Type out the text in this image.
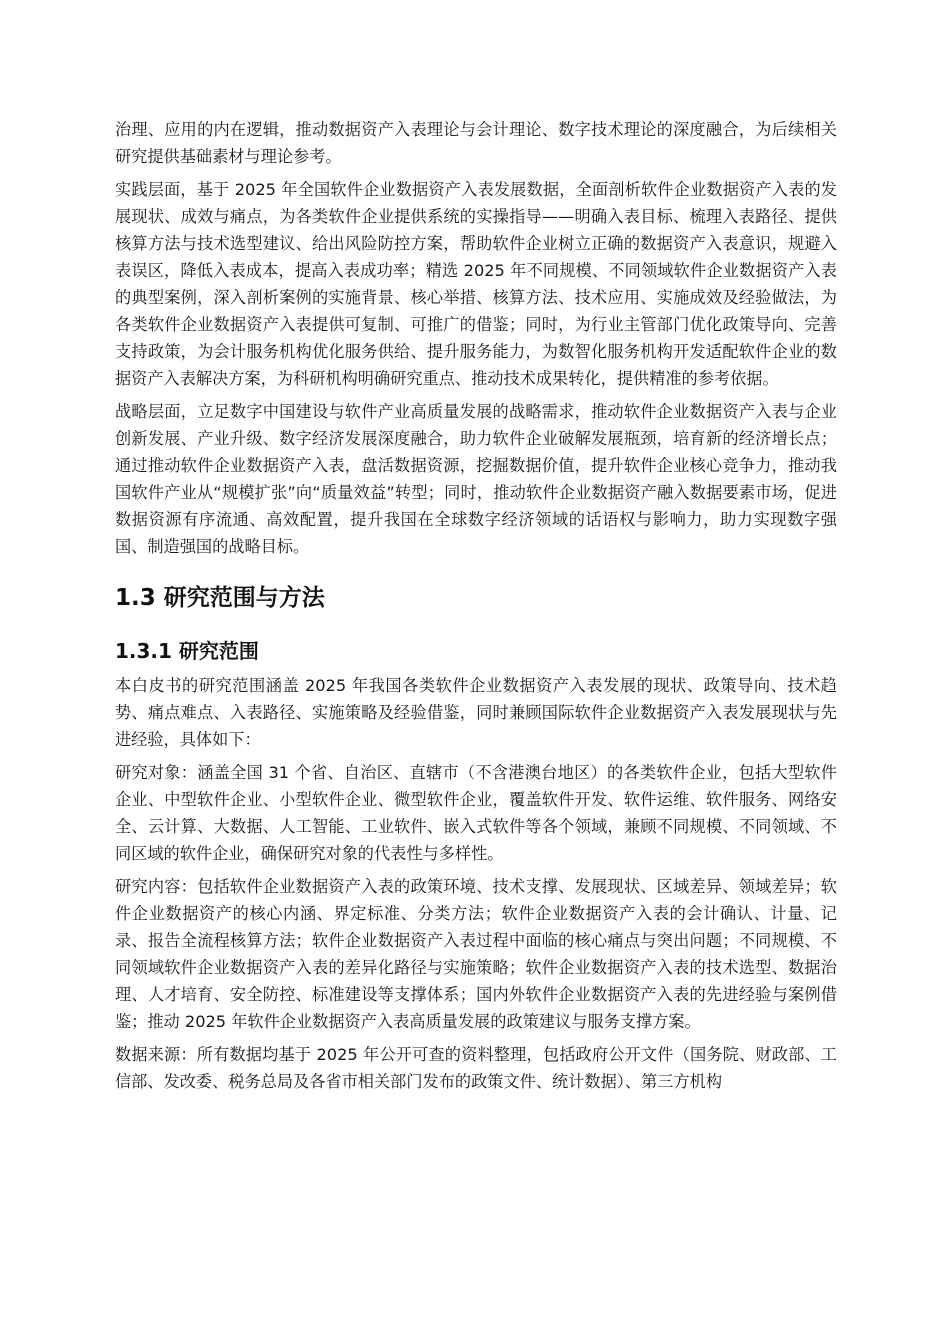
治理、应用的内在逻辑，推动数据资产入表理论与会计理论、数字技术理论的深度融合，为后续相关研究提供基础素材与理论参考。

实践层面，基于 2025 年全国软件企业数据资产入表发展数据，全面剖析软件企业数据资产入表的发展现状、成效与痛点，为各类软件企业提供系统的实操指导——明确入表目标、梳理入表路径、提供核算方法与技术选型建议、给出风险防控方案，帮助软件企业树立正确的数据资产入表意识，规避入表误区，降低入表成本，提高入表成功率；精选 2025 年不同规模、不同领域软件企业数据资产入表的典型案例，深入剖析案例的实施背景、核心举措、核算方法、技术应用、实施成效及经验做法，为各类软件企业数据资产入表提供可复制、可推广的借鉴；同时，为行业主管部门优化政策导向、完善支持政策，为会计服务机构优化服务供给、提升服务能力，为数智化服务机构开发适配软件企业的数据资产入表解决方案，为科研机构明确研究重点、推动技术成果转化，提供精准的参考依据。

战略层面，立足数字中国建设与软件产业高质量发展的战略需求，推动软件企业数据资产入表与企业创新发展、产业升级、数字经济发展深度融合，助力软件企业破解发展瓶颈，培育新的经济增长点；通过推动软件企业数据资产入表，盘活数据资源，挖掘数据价值，提升软件企业核心竞争力，推动我国软件产业从“规模扩张”向“质量效益”转型；同时，推动软件企业数据资产融入数据要素市场，促进数据资源有序流通、高效配置，提升我国在全球数字经济领域的话语权与影响力，助力实现数字强国、制造强国的战略目标。

1.3 研究范围与方法
1.3.1 研究范围

本白皮书的研究范围涵盖 2025 年我国各类软件企业数据资产入表发展的现状、政策导向、技术趋势、痛点难点、入表路径、实施策略及经验借鉴，同时兼顾国际软件企业数据资产入表发展现状与先进经验，具体如下：

研究对象：涵盖全国 31 个省、自治区、直辖市（不含港澳台地区）的各类软件企业，包括大型软件企业、中型软件企业、小型软件企业、微型软件企业，覆盖软件开发、软件运维、软件服务、网络安全、云计算、大数据、人工智能、工业软件、嵌入式软件等各个领域，兼顾不同规模、不同领域、不同区域的软件企业，确保研究对象的代表性与多样性。

研究内容：包括软件企业数据资产入表的政策环境、技术支撑、发展现状、区域差异、领域差异；软件企业数据资产的核心内涵、界定标准、分类方法；软件企业数据资产入表的会计确认、计量、记录、报告全流程核算方法；软件企业数据资产入表过程中面临的核心痛点与突出问题；不同规模、不同领域软件企业数据资产入表的差异化路径与实施策略；软件企业数据资产入表的技术选型、数据治理、人才培育、安全防控、标准建设等支撑体系；国内外软件企业数据资产入表的先进经验与案例借鉴；推动 2025 年软件企业数据资产入表高质量发展的政策建议与服务支撑方案。

数据来源：所有数据均基于 2025 年公开可查的资料整理，包括政府公开文件（国务院、财政部、工信部、发改委、税务总局及各省市相关部门发布的政策文件、统计数据）、第三方机构
